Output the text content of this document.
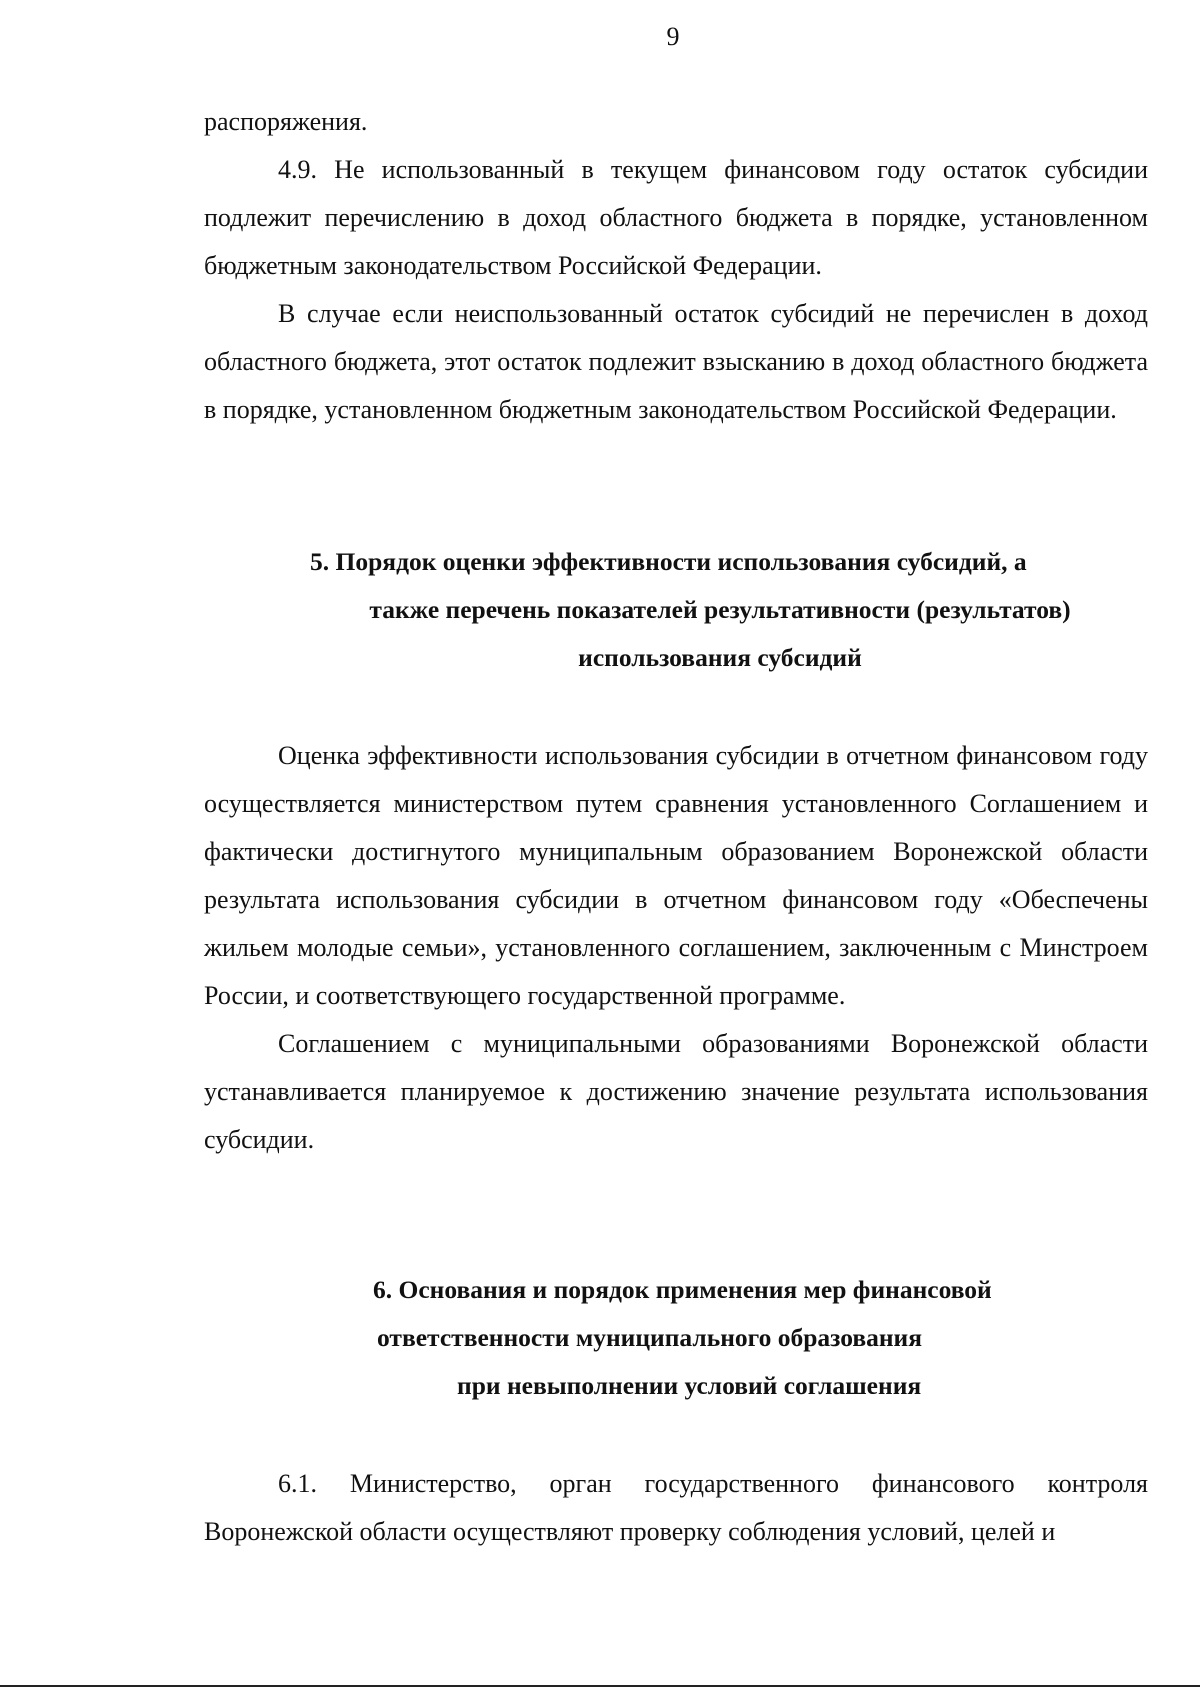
9

распоряжения.

4.9. Не использованный в текущем финансовом году остаток субсидии подлежит перечислению в доход областного бюджета в порядке, установленном бюджетным законодательством Российской Федерации.

В случае если неиспользованный остаток субсидий не перечислен в доход областного бюджета, этот остаток подлежит взысканию в доход областного бюджета в порядке, установленном бюджетным законодательством Российской Федерации.

5. Порядок оценки эффективности использования субсидий, а
также перечень показателей результативности (результатов)
использования субсидий

Оценка эффективности использования субсидии в отчетном финансовом году осуществляется министерством путем сравнения установленного Соглашением и фактически достигнутого муниципальным образованием Воронежской области результата использования субсидии в отчетном финансовом году «Обеспечены жильем молодые семьи», установленного соглашением, заключенным с Минстроем России, и соответствующего государственной программе.

Соглашением с муниципальными образованиями Воронежской области устанавливается планируемое к достижению значение результата использования субсидии.

6. Основания и порядок применения мер финансовой
ответственности муниципального образования
при невыполнении условий соглашения

6.1. Министерство, орган государственного финансового контроля Воронежской области осуществляют проверку соблюдения условий, целей и
